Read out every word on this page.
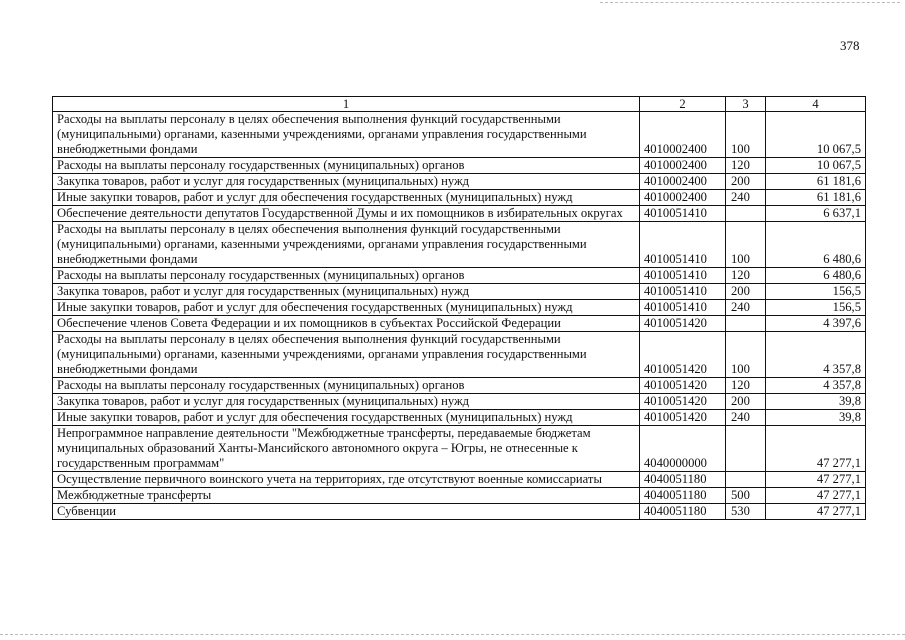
378
1	2	3	4
Расходы на выплаты персоналу в целях обеспечения выполнения функций государственными (муниципальными) органами, казенными учреждениями, органами управления государственными внебюджетными фондами	4010002400	100	10 067,5
Расходы на выплаты персоналу государственных (муниципальных) органов	4010002400	120	10 067,5
Закупка товаров, работ и услуг для государственных (муниципальных) нужд	4010002400	200	61 181,6
Иные закупки товаров, работ и услуг для обеспечения государственных (муниципальных) нужд	4010002400	240	61 181,6
Обеспечение деятельности депутатов Государственной Думы и их помощников в избирательных округах	4010051410		6 637,1
Расходы на выплаты персоналу в целях обеспечения выполнения функций государственными (муниципальными) органами, казенными учреждениями, органами управления государственными внебюджетными фондами	4010051410	100	6 480,6
Расходы на выплаты персоналу государственных (муниципальных) органов	4010051410	120	6 480,6
Закупка товаров, работ и услуг для государственных (муниципальных) нужд	4010051410	200	156,5
Иные закупки товаров, работ и услуг для обеспечения государственных (муниципальных) нужд	4010051410	240	156,5
Обеспечение членов Совета Федерации и их помощников в субъектах Российской Федерации	4010051420		4 397,6
Расходы на выплаты персоналу в целях обеспечения выполнения функций государственными (муниципальными) органами, казенными учреждениями, органами управления государственными внебюджетными фондами	4010051420	100	4 357,8
Расходы на выплаты персоналу государственных (муниципальных) органов	4010051420	120	4 357,8
Закупка товаров, работ и услуг для государственных (муниципальных) нужд	4010051420	200	39,8
Иные закупки товаров, работ и услуг для обеспечения государственных (муниципальных) нужд	4010051420	240	39,8
Непрограммное направление деятельности "Межбюджетные трансферты, передаваемые бюджетам муниципальных образований Ханты-Мансийского автономного округа – Югры, не отнесенные к государственным программам"	4040000000		47 277,1
Осуществление первичного воинского учета на территориях, где отсутствуют военные комиссариаты	4040051180		47 277,1
Межбюджетные трансферты	4040051180	500	47 277,1
Субвенции	4040051180	530	47 277,1
